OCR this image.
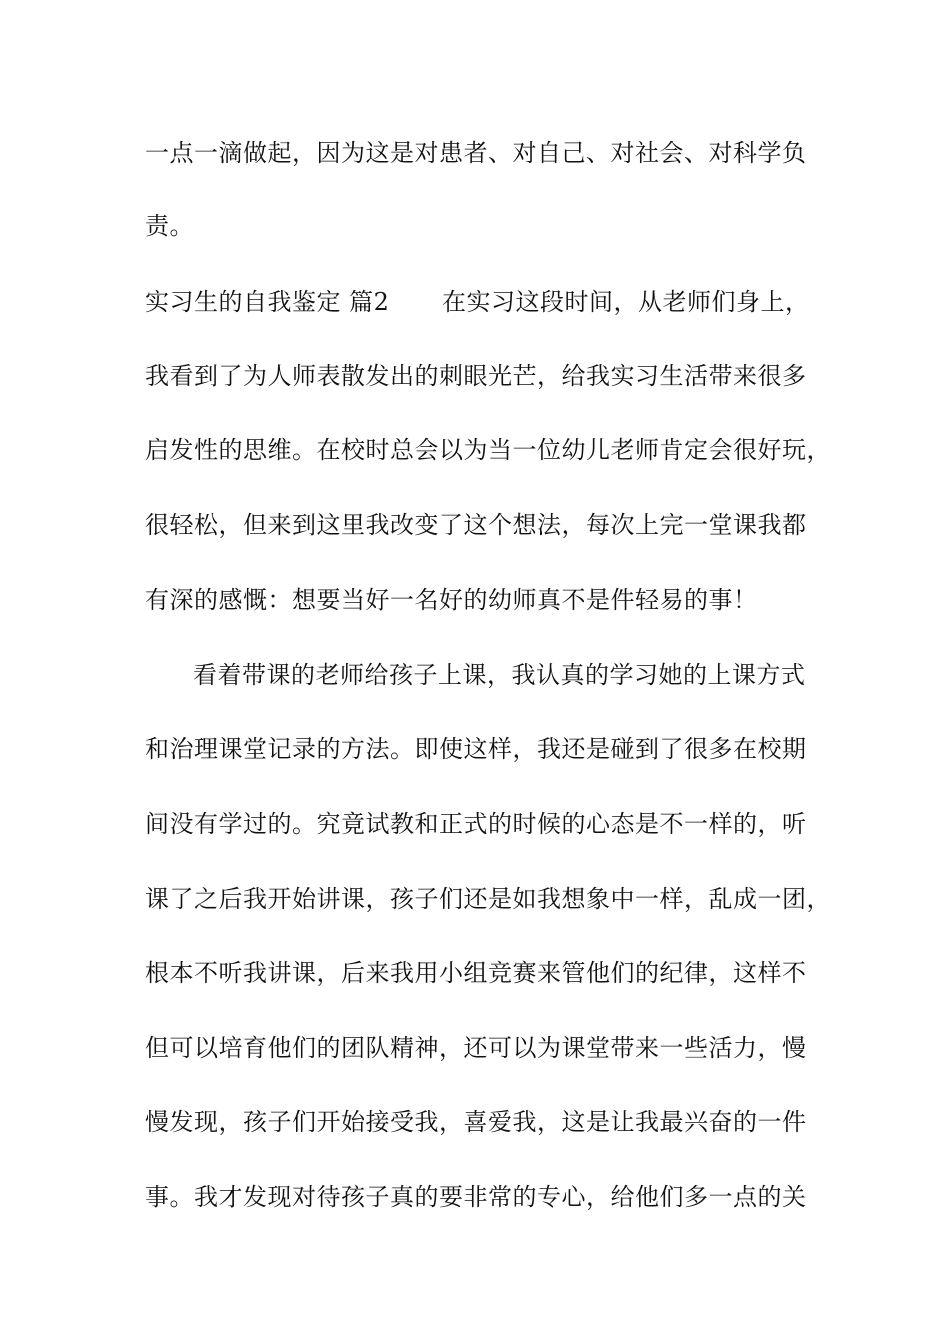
一点一滴做起，因为这是对患者、对自己、对社会、对科学负
责。
实习生的自我鉴定 篇2 在实习这段时间，从老师们身上，
我看到了为人师表散发出的刺眼光芒，给我实习生活带来很多
启发性的思维。在校时总会以为当一位幼儿老师肯定会很好玩，
很轻松，但来到这里我改变了这个想法，每次上完一堂课我都
有深的感慨：想要当好一名好的幼师真不是件轻易的事！
看着带课的老师给孩子上课，我认真的学习她的上课方式
和治理课堂记录的方法。即使这样，我还是碰到了很多在校期
间没有学过的。究竟试教和正式的时候的心态是不一样的，听
课了之后我开始讲课，孩子们还是如我想象中一样，乱成一团，
根本不听我讲课，后来我用小组竞赛来管他们的纪律，这样不
但可以培育他们的团队精神，还可以为课堂带来一些活力，慢
慢发现，孩子们开始接受我，喜爱我，这是让我最兴奋的一件
事。我才发现对待孩子真的要非常的专心，给他们多一点的关
